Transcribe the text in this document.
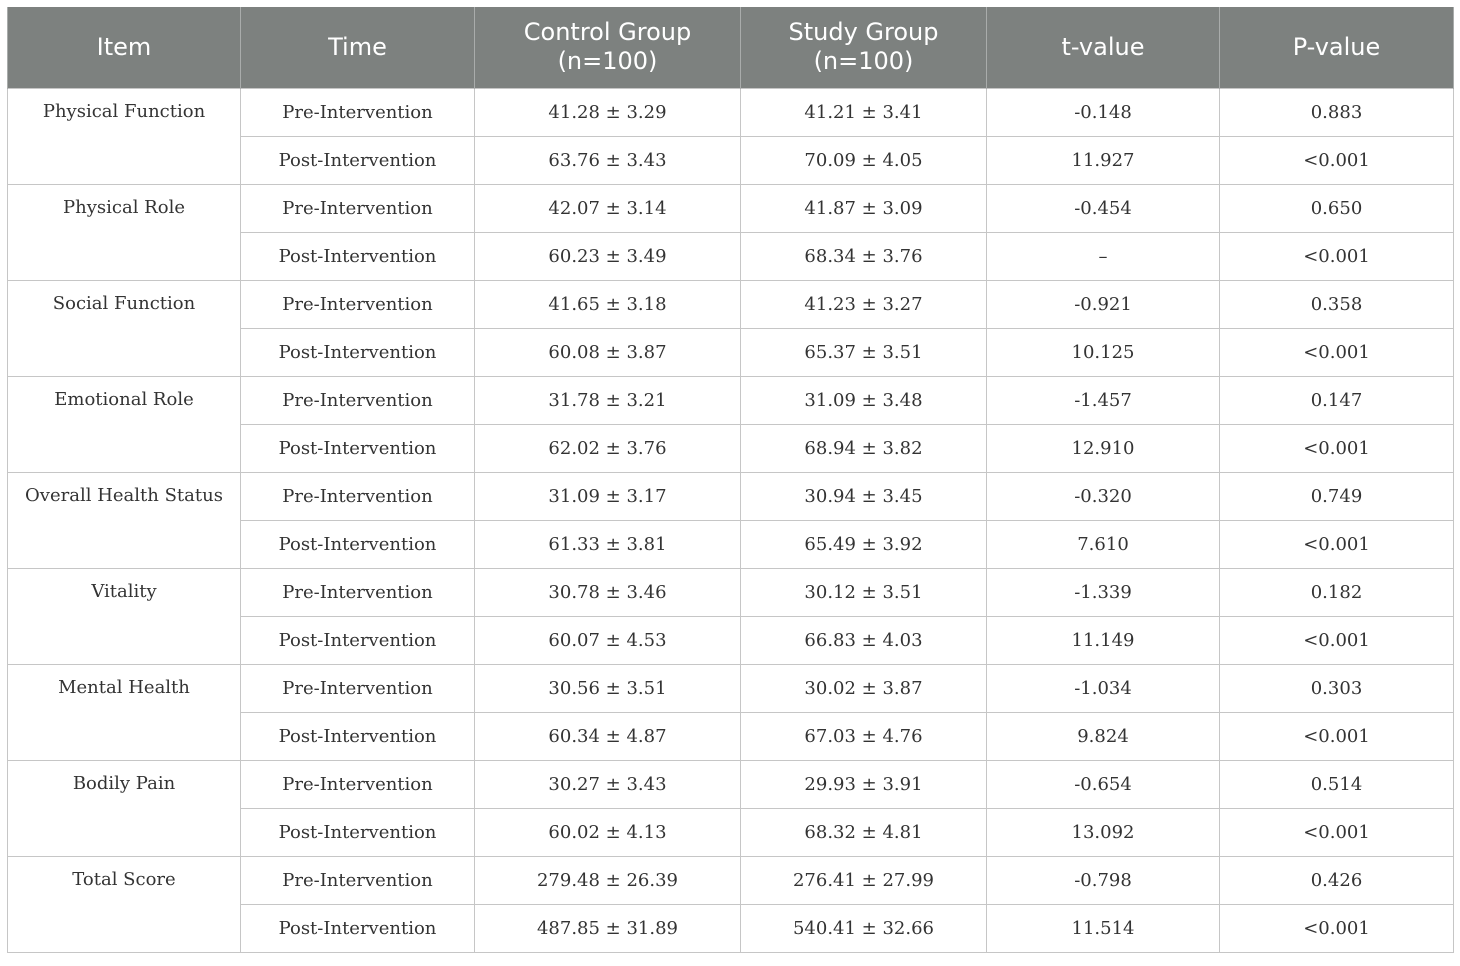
Item	Time	Control Group (n=100)	Study Group (n=100)	t-value	P-value
Physical Function	Pre-Intervention	41.28 ± 3.29	41.21 ± 3.41	-0.148	0.883
	Post-Intervention	63.76 ± 3.43	70.09 ± 4.05	11.927	<0.001
Physical Role	Pre-Intervention	42.07 ± 3.14	41.87 ± 3.09	-0.454	0.650
	Post-Intervention	60.23 ± 3.49	68.34 ± 3.76	–	<0.001
Social Function	Pre-Intervention	41.65 ± 3.18	41.23 ± 3.27	-0.921	0.358
	Post-Intervention	60.08 ± 3.87	65.37 ± 3.51	10.125	<0.001
Emotional Role	Pre-Intervention	31.78 ± 3.21	31.09 ± 3.48	-1.457	0.147
	Post-Intervention	62.02 ± 3.76	68.94 ± 3.82	12.910	<0.001
Overall Health Status	Pre-Intervention	31.09 ± 3.17	30.94 ± 3.45	-0.320	0.749
	Post-Intervention	61.33 ± 3.81	65.49 ± 3.92	7.610	<0.001
Vitality	Pre-Intervention	30.78 ± 3.46	30.12 ± 3.51	-1.339	0.182
	Post-Intervention	60.07 ± 4.53	66.83 ± 4.03	11.149	<0.001
Mental Health	Pre-Intervention	30.56 ± 3.51	30.02 ± 3.87	-1.034	0.303
	Post-Intervention	60.34 ± 4.87	67.03 ± 4.76	9.824	<0.001
Bodily Pain	Pre-Intervention	30.27 ± 3.43	29.93 ± 3.91	-0.654	0.514
	Post-Intervention	60.02 ± 4.13	68.32 ± 4.81	13.092	<0.001
Total Score	Pre-Intervention	279.48 ± 26.39	276.41 ± 27.99	-0.798	0.426
	Post-Intervention	487.85 ± 31.89	540.41 ± 32.66	11.514	<0.001
